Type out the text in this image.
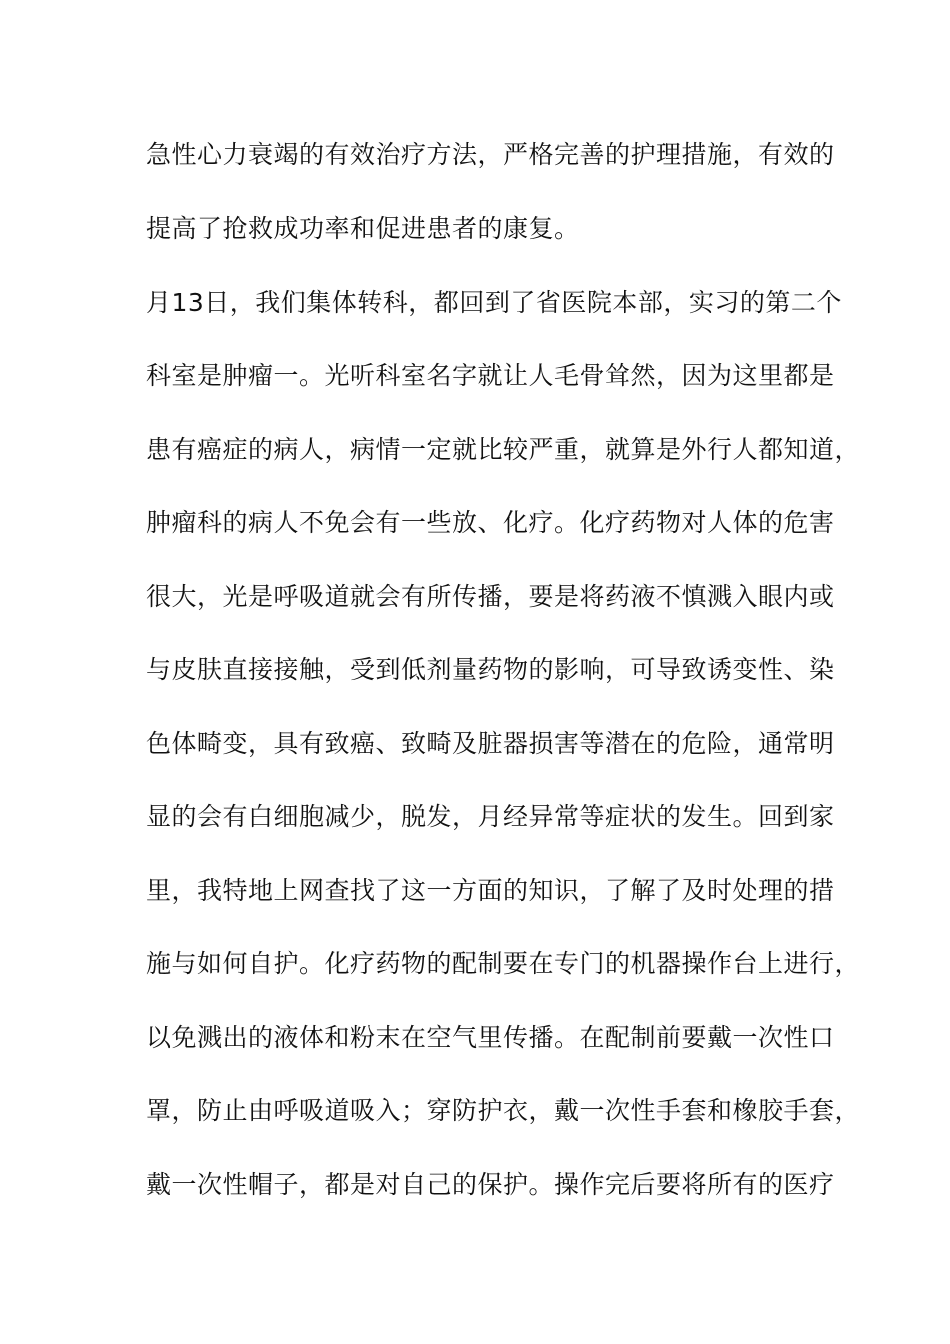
急性心力衰竭的有效治疗方法，严格完善的护理措施，有效的
提高了抢救成功率和促进患者的康复。
月13日，我们集体转科，都回到了省医院本部，实习的第二个
科室是肿瘤一。光听科室名字就让人毛骨耸然，因为这里都是
患有癌症的病人，病情一定就比较严重，就算是外行人都知道，
肿瘤科的病人不免会有一些放、化疗。化疗药物对人体的危害
很大，光是呼吸道就会有所传播，要是将药液不慎溅入眼内或
与皮肤直接接触，受到低剂量药物的影响，可导致诱变性、染
色体畸变，具有致癌、致畸及脏器损害等潜在的危险，通常明
显的会有白细胞减少，脱发，月经异常等症状的发生。回到家
里，我特地上网查找了这一方面的知识，了解了及时处理的措
施与如何自护。化疗药物的配制要在专门的机器操作台上进行，
以免溅出的液体和粉末在空气里传播。在配制前要戴一次性口
罩，防止由呼吸道吸入；穿防护衣，戴一次性手套和橡胶手套，
戴一次性帽子，都是对自己的保护。操作完后要将所有的医疗
